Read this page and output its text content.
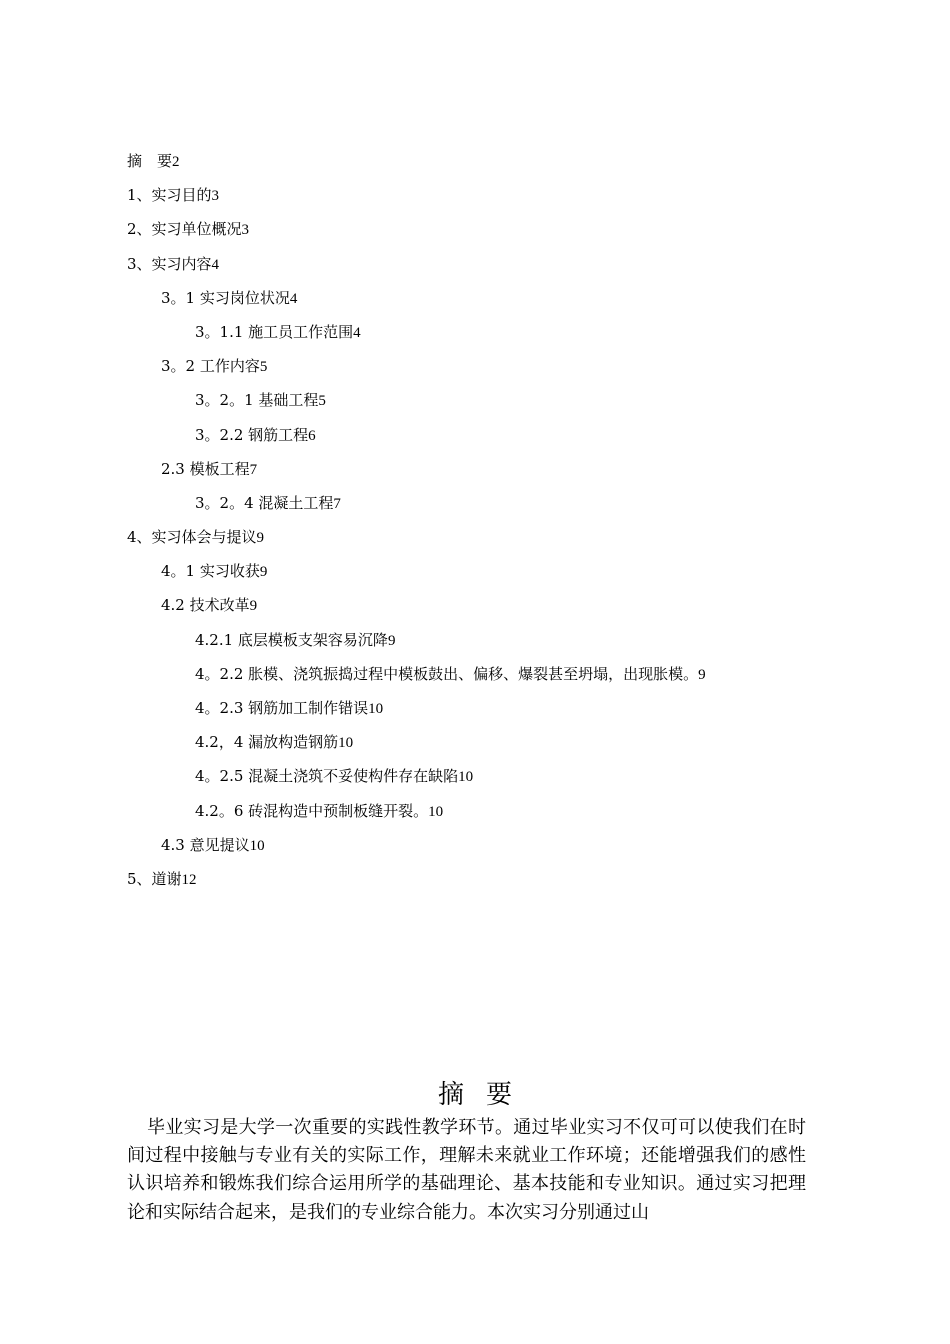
摘　要2
1、实习目的3
2、实习单位概况3
3、实习内容4
3。1 实习岗位状况4
3。1.1 施工员工作范围4
3。2 工作内容5
3。2。1 基础工程5
3。2.2 钢筋工程6
2.3 模板工程7
3。2。4 混凝土工程7
4、实习体会与提议9
4。1 实习收获9
4.2 技术改革9
4.2.1 底层模板支架容易沉降9
4。2.2 胀模、浇筑振捣过程中模板鼓出、偏移、爆裂甚至坍塌，出现胀模。9
4。2.3 钢筋加工制作错误10
4.2，4 漏放构造钢筋10
4。2.5 混凝土浇筑不妥使构件存在缺陷10
4.2。6 砖混构造中预制板缝开裂。10
4.3 意见提议10
5、道谢12
摘要
毕业实习是大学一次重要的实践性教学环节。通过毕业实习不仅可可以使我们在时间过程中接触与专业有关的实际工作，理解未来就业工作环境；还能增强我们的感性认识培养和锻炼我们综合运用所学的基础理论、基本技能和专业知识。通过实习把理论和实际结合起来，是我们的专业综合能力。本次实习分别通过山
